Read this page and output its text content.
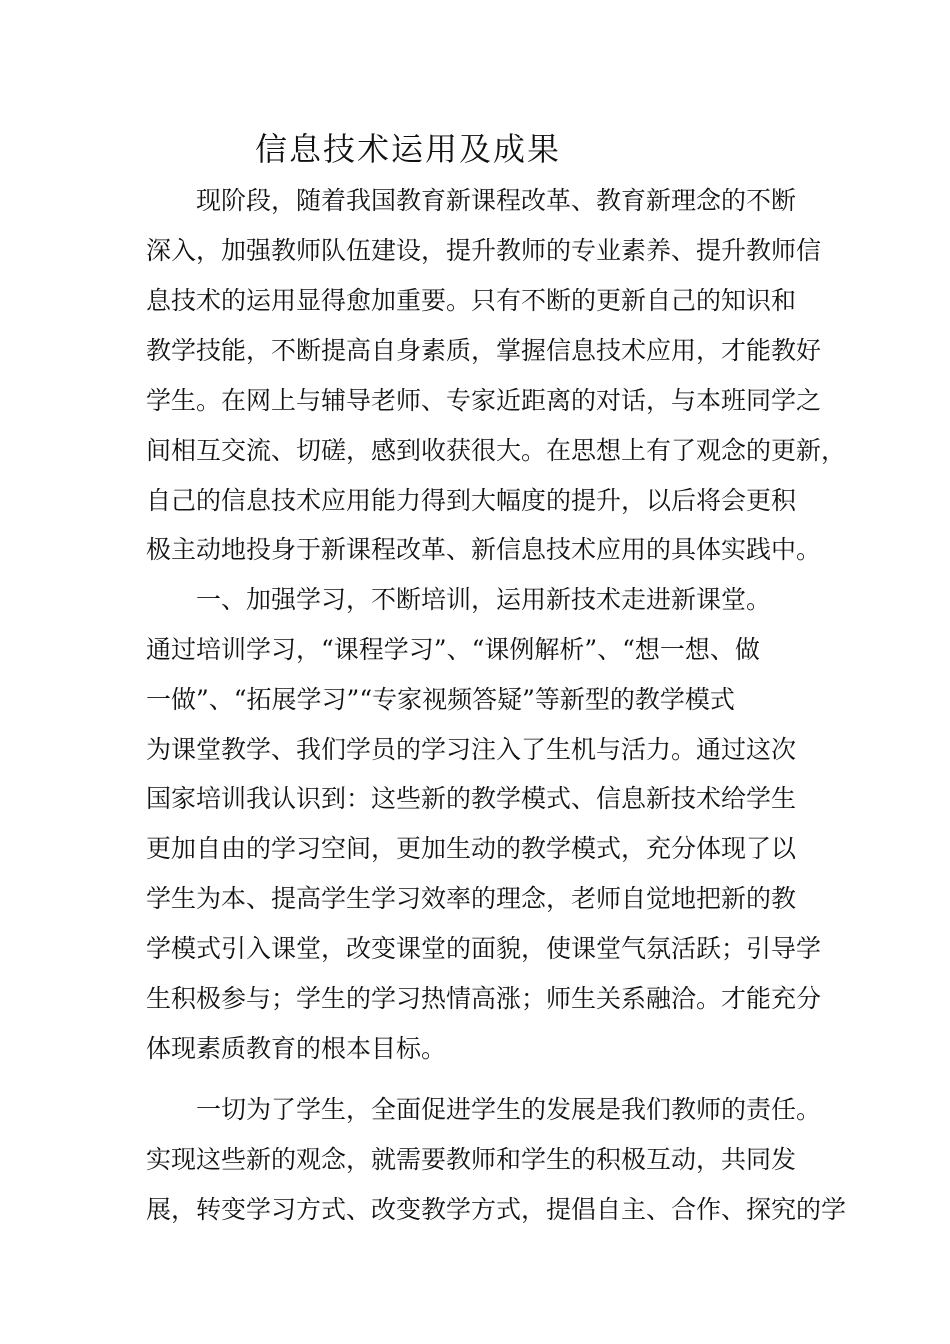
信息技术运用及成果

现阶段，随着我国教育新课程改革、教育新理念的不断

深入，加强教师队伍建设，提升教师的专业素养、提升教师信

息技术的运用显得愈加重要。只有不断的更新自己的知识和

教学技能，不断提高自身素质，掌握信息技术应用，才能教好

学生。在网上与辅导老师、专家近距离的对话，与本班同学之

间相互交流、切磋，感到收获很大。在思想上有了观念的更新，

自己的信息技术应用能力得到大幅度的提升，以后将会更积

极主动地投身于新课程改革、新信息技术应用的具体实践中。

一、加强学习，不断培训，运用新技术走进新课堂。

通过培训学习，“课程学习”、“课例解析”、“想一想、做

一做”、“拓展学习”“专家视频答疑”等新型的教学模式

为课堂教学、我们学员的学习注入了生机与活力。通过这次

国家培训我认识到：这些新的教学模式、信息新技术给学生

更加自由的学习空间，更加生动的教学模式，充分体现了以

学生为本、提高学生学习效率的理念，老师自觉地把新的教

学模式引入课堂，改变课堂的面貌，使课堂气氛活跃；引导学

生积极参与；学生的学习热情高涨；师生关系融洽。才能充分

体现素质教育的根本目标。

一切为了学生，全面促进学生的发展是我们教师的责任。

实现这些新的观念，就需要教师和学生的积极互动，共同发

展，转变学习方式、改变教学方式，提倡自主、合作、探究的学
